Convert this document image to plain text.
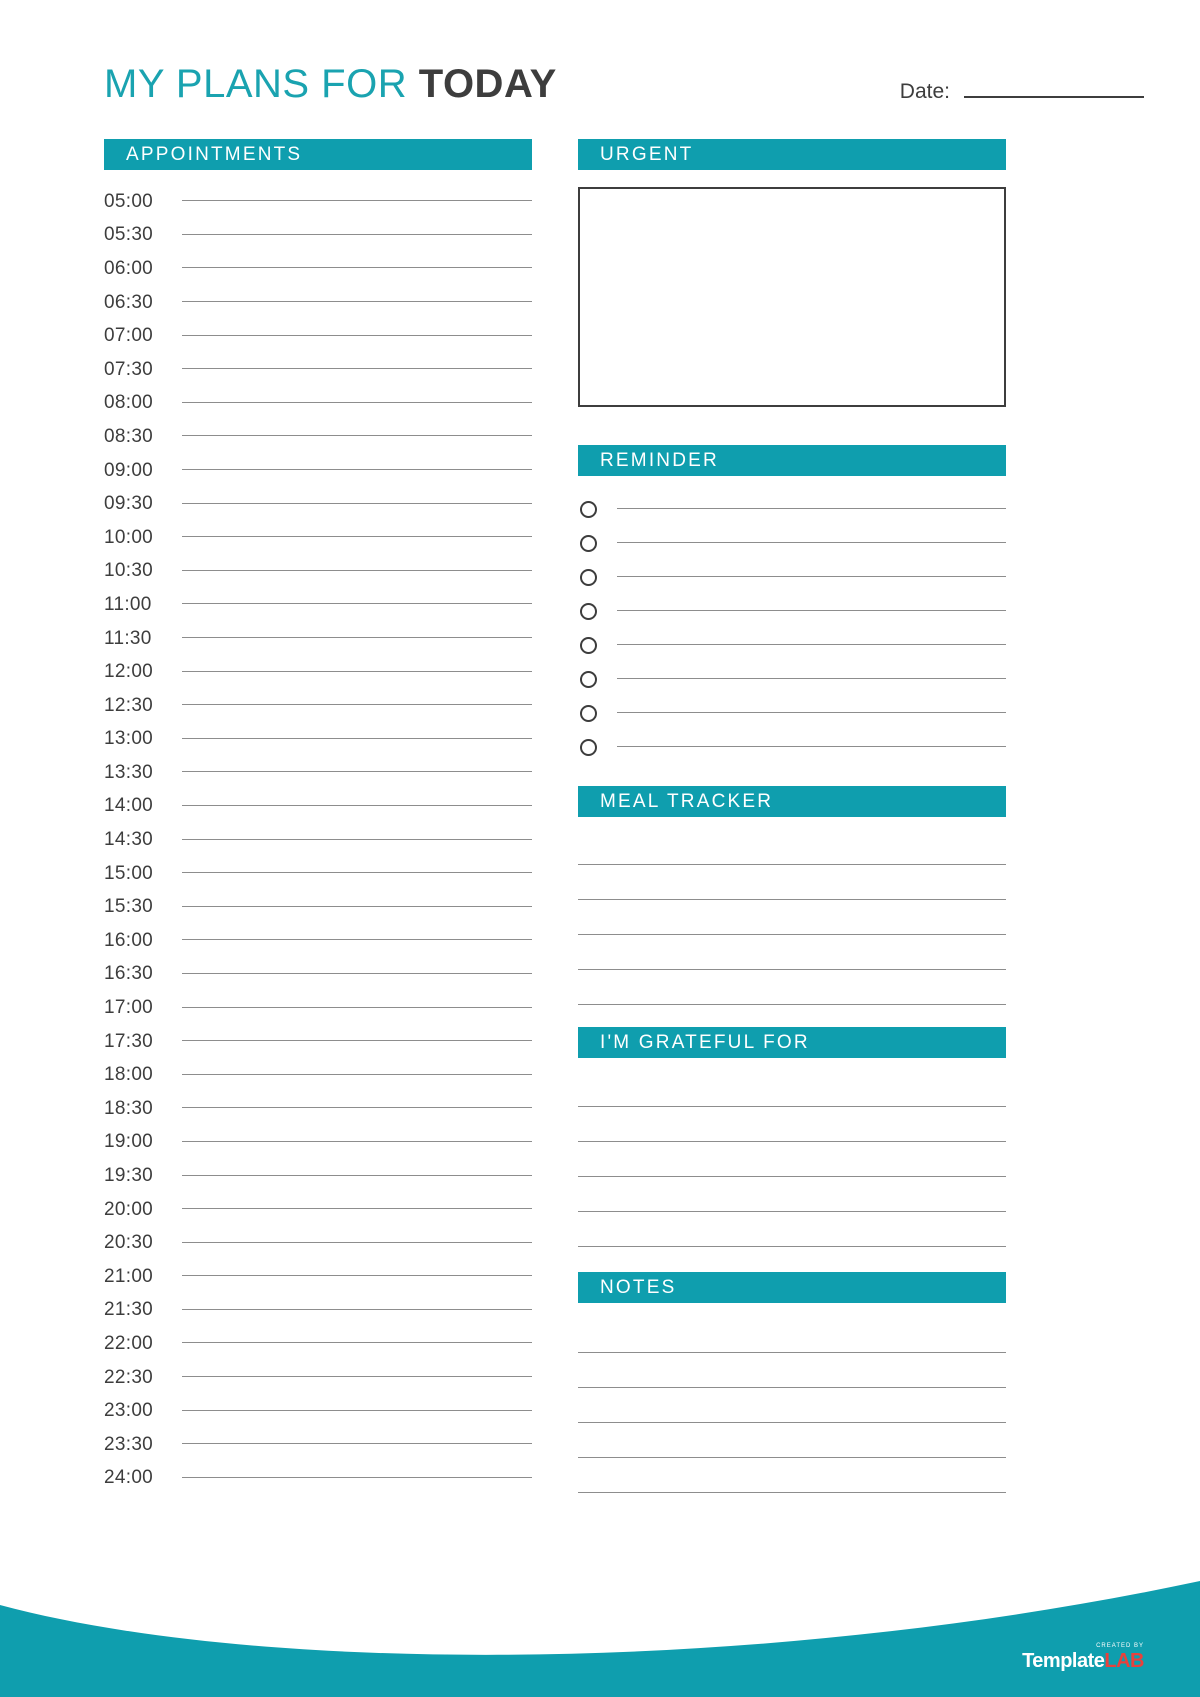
MY PLANS FOR TODAY	Date:
APPOINTMENTS
05:00
05:30
06:00
06:30
07:00
07:30
08:00
08:30
09:00
09:30
10:00
10:30
11:00
11:30
12:00
12:30
13:00
13:30
14:00
14:30
15:00
15:30
16:00
16:30
17:00
17:30
18:00
18:30
19:00
19:30
20:00
20:30
21:00
21:30
22:00
22:30
23:00
23:30
24:00
URGENT
REMINDER
MEAL TRACKER
I'M GRATEFUL FOR
NOTES
CREATED BY
TemplateLAB
